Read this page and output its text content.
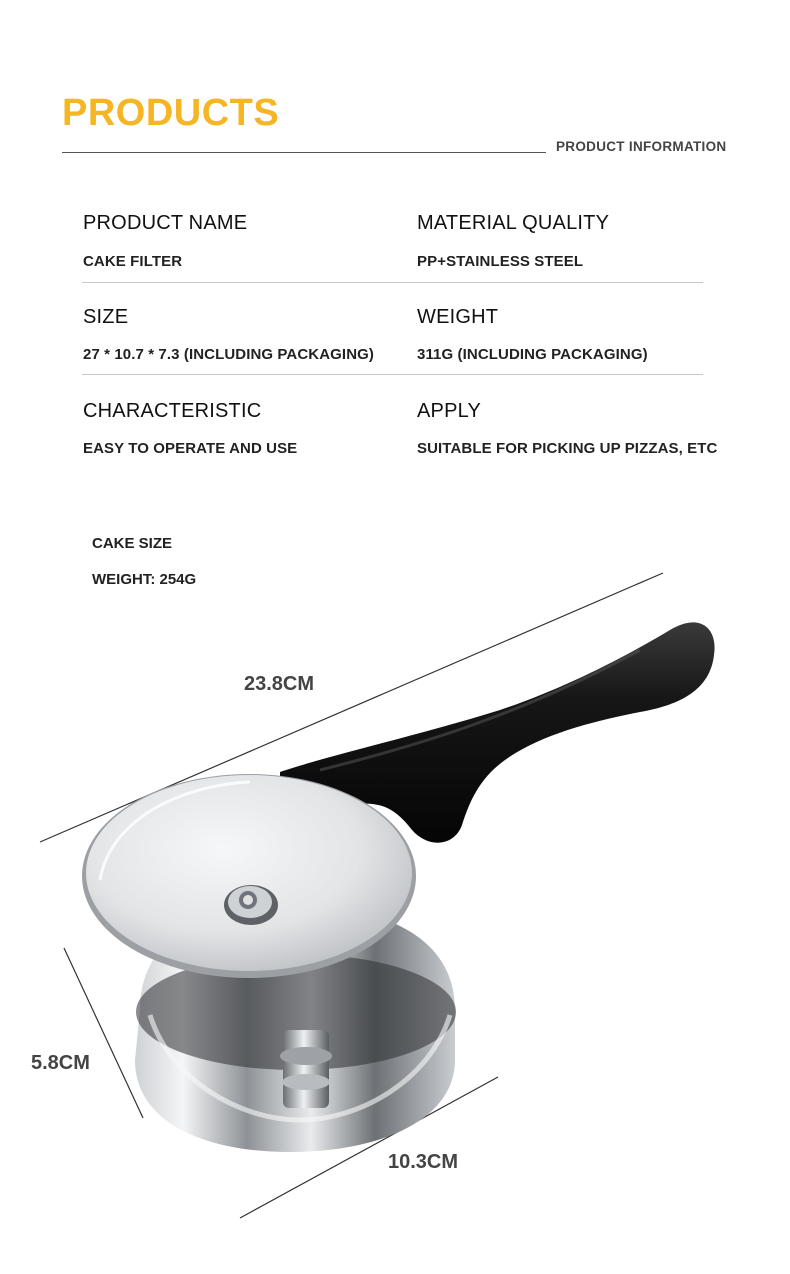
PRODUCTS
PRODUCT INFORMATION
PRODUCT NAME
CAKE FILTER
MATERIAL QUALITY
PP+STAINLESS STEEL
SIZE
27 * 10.7 * 7.3 (INCLUDING PACKAGING)
WEIGHT
311G (INCLUDING PACKAGING)
CHARACTERISTIC
EASY TO OPERATE AND USE
APPLY
SUITABLE FOR PICKING UP PIZZAS, ETC
CAKE SIZE
WEIGHT: 254G
23.8CM
5.8CM
10.3CM
